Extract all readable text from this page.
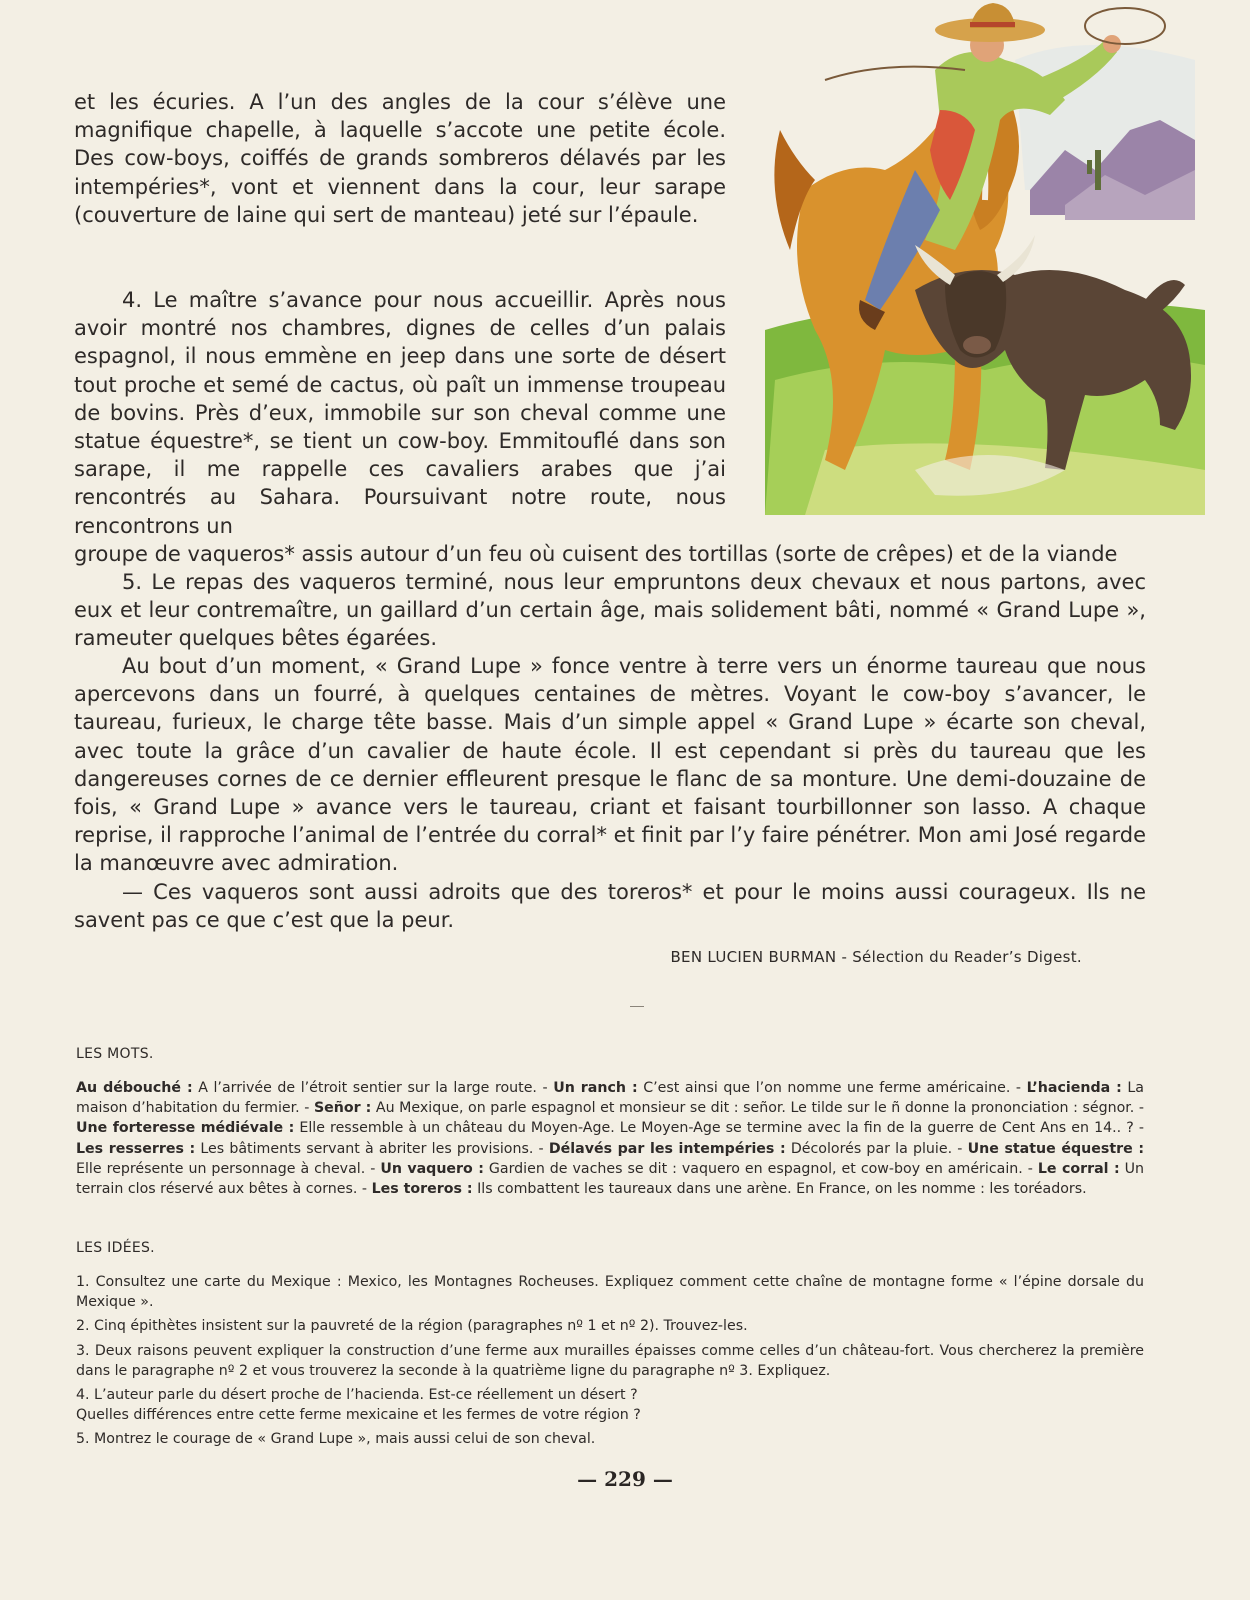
et les écuries. A l’un des angles de la cour s’élève une magnifique chapelle, à laquelle s’accote une petite école. Des cow-boys, coiffés de grands sombreros délavés par les intempéries*, vont et viennent dans la cour, leur sarape (couverture de laine qui sert de manteau) jeté sur l’épaule.
4. Le maître s’avance pour nous accueillir. Après nous avoir montré nos chambres, dignes de celles d’un palais espagnol, il nous emmène en jeep dans une sorte de désert tout proche et semé de cactus, où paît un immense troupeau de bovins. Près d’eux, immobile sur son cheval comme une statue équestre*, se tient un cow-boy. Emmitouflé dans son sarape, il me rappelle ces cavaliers arabes que j’ai rencontrés au Sahara. Poursuivant notre route, nous rencontrons un
groupe de vaqueros* assis autour d’un feu où cuisent des tortillas (sorte de crêpes) et de la viande
5. Le repas des vaqueros terminé, nous leur empruntons deux chevaux et nous partons, avec eux et leur contremaître, un gaillard d’un certain âge, mais solidement bâti, nommé « Grand Lupe », rameuter quelques bêtes égarées.
Au bout d’un moment, « Grand Lupe » fonce ventre à terre vers un énorme taureau que nous apercevons dans un fourré, à quelques centaines de mètres. Voyant le cow-boy s’avancer, le taureau, furieux, le charge tête basse. Mais d’un simple appel « Grand Lupe » écarte son cheval, avec toute la grâce d’un cavalier de haute école. Il est cependant si près du taureau que les dangereuses cornes de ce dernier effleurent presque le flanc de sa monture. Une demi-douzaine de fois, « Grand Lupe » avance vers le taureau, criant et faisant tourbillonner son lasso. A chaque reprise, il rapproche l’animal de l’entrée du corral* et finit par l’y faire pénétrer. Mon ami José regarde la manœuvre avec admiration.
— Ces vaqueros sont aussi adroits que des toreros* et pour le moins aussi courageux. Ils ne savent pas ce que c’est que la peur.
BEN LUCIEN BURMAN - Sélection du Reader’s Digest.
LES MOTS.
Au débouché : A l’arrivée de l’étroit sentier sur la large route. - Un ranch : C’est ainsi que l’on nomme une ferme américaine. - L’hacienda : La maison d’habitation du fermier. - Señor : Au Mexique, on parle espagnol et monsieur se dit : señor. Le tilde sur le ñ donne la prononciation : ségnor. - Une forteresse médiévale : Elle ressemble à un château du Moyen-Age. Le Moyen-Age se termine avec la fin de la guerre de Cent Ans en 14.. ? - Les resserres : Les bâtiments servant à abriter les provisions. - Délavés par les intempéries : Décolorés par la pluie. - Une statue équestre : Elle représente un personnage à cheval. - Un vaquero : Gardien de vaches se dit : vaquero en espagnol, et cow-boy en américain. - Le corral : Un terrain clos réservé aux bêtes à cornes. - Les toreros : Ils combattent les taureaux dans une arène. En France, on les nomme : les toréadors.
LES IDÉES.
1. Consultez une carte du Mexique : Mexico, les Montagnes Rocheuses. Expliquez comment cette chaîne de montagne forme « l’épine dorsale du Mexique ».
2. Cinq épithètes insistent sur la pauvreté de la région (paragraphes nº 1 et nº 2). Trouvez-les.
3. Deux raisons peuvent expliquer la construction d’une ferme aux murailles épaisses comme celles d’un château-fort. Vous chercherez la première dans le paragraphe nº 2 et vous trouverez la seconde à la quatrième ligne du paragraphe nº 3. Expliquez.
4. L’auteur parle du désert proche de l’hacienda. Est-ce réellement un désert ?
Quelles différences entre cette ferme mexicaine et les fermes de votre région ?
5. Montrez le courage de « Grand Lupe », mais aussi celui de son cheval.
— 229 —
